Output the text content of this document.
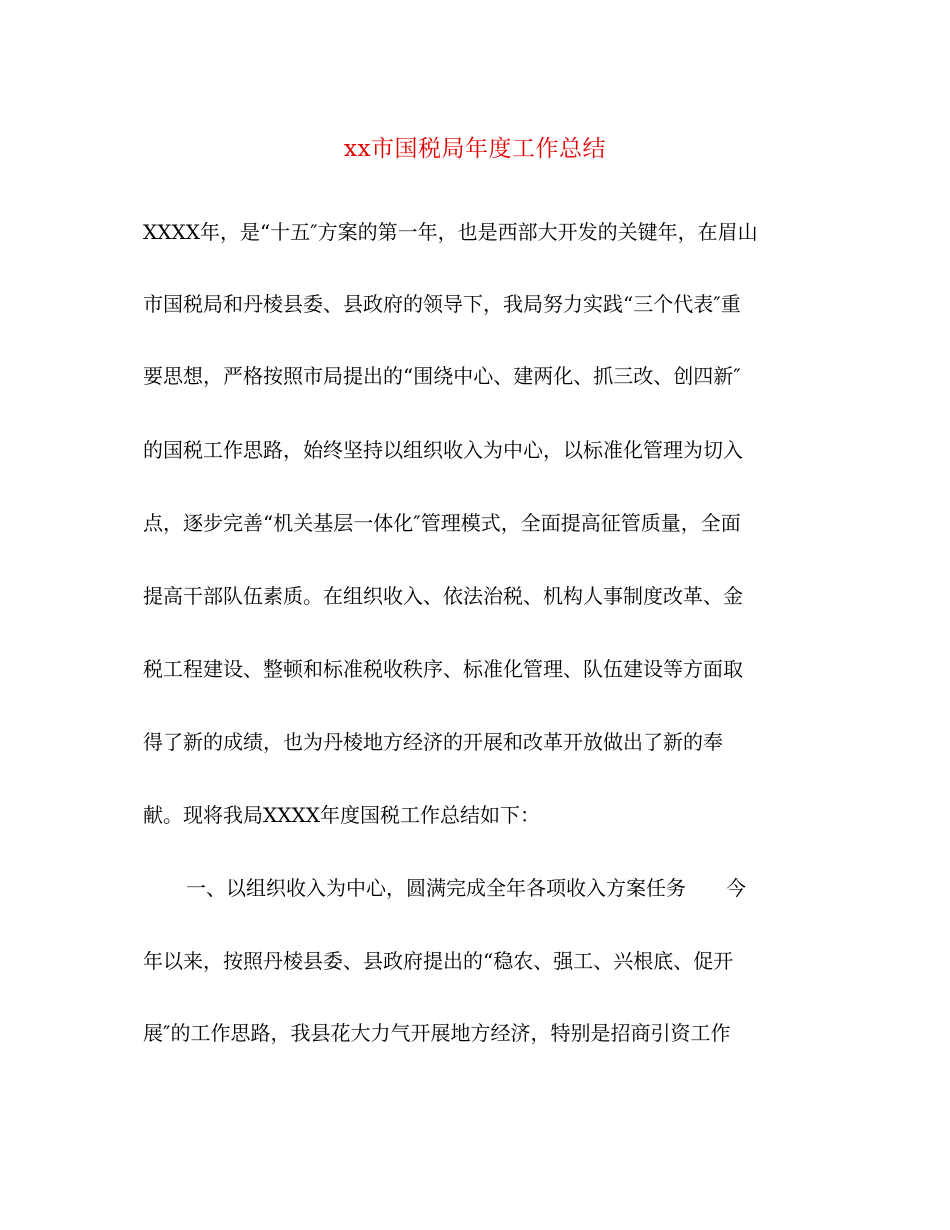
xx市国税局年度工作总结
XXXX年，是“十五″方案的第一年，也是西部大开发的关键年，在眉山
市国税局和丹棱县委、县政府的领导下，我局努力实践“三个代表″重
要思想，严格按照市局提出的“围绕中心、建两化、抓三改、创四新″
的国税工作思路，始终坚持以组织收入为中心，以标准化管理为切入
点，逐步完善“机关基层一体化″管理模式，全面提高征管质量，全面
提高干部队伍素质。在组织收入、依法治税、机构人事制度改革、金
税工程建设、整顿和标准税收秩序、标准化管理、队伍建设等方面取
得了新的成绩，也为丹棱地方经济的开展和改革开放做出了新的奉
献。现将我局XXXX年度国税工作总结如下：
一、以组织收入为中心，圆满完成全年各项收入方案任务　　今
年以来，按照丹棱县委、县政府提出的“稳农、强工、兴根底、促开
展″的工作思路，我县花大力气开展地方经济，特别是招商引资工作
